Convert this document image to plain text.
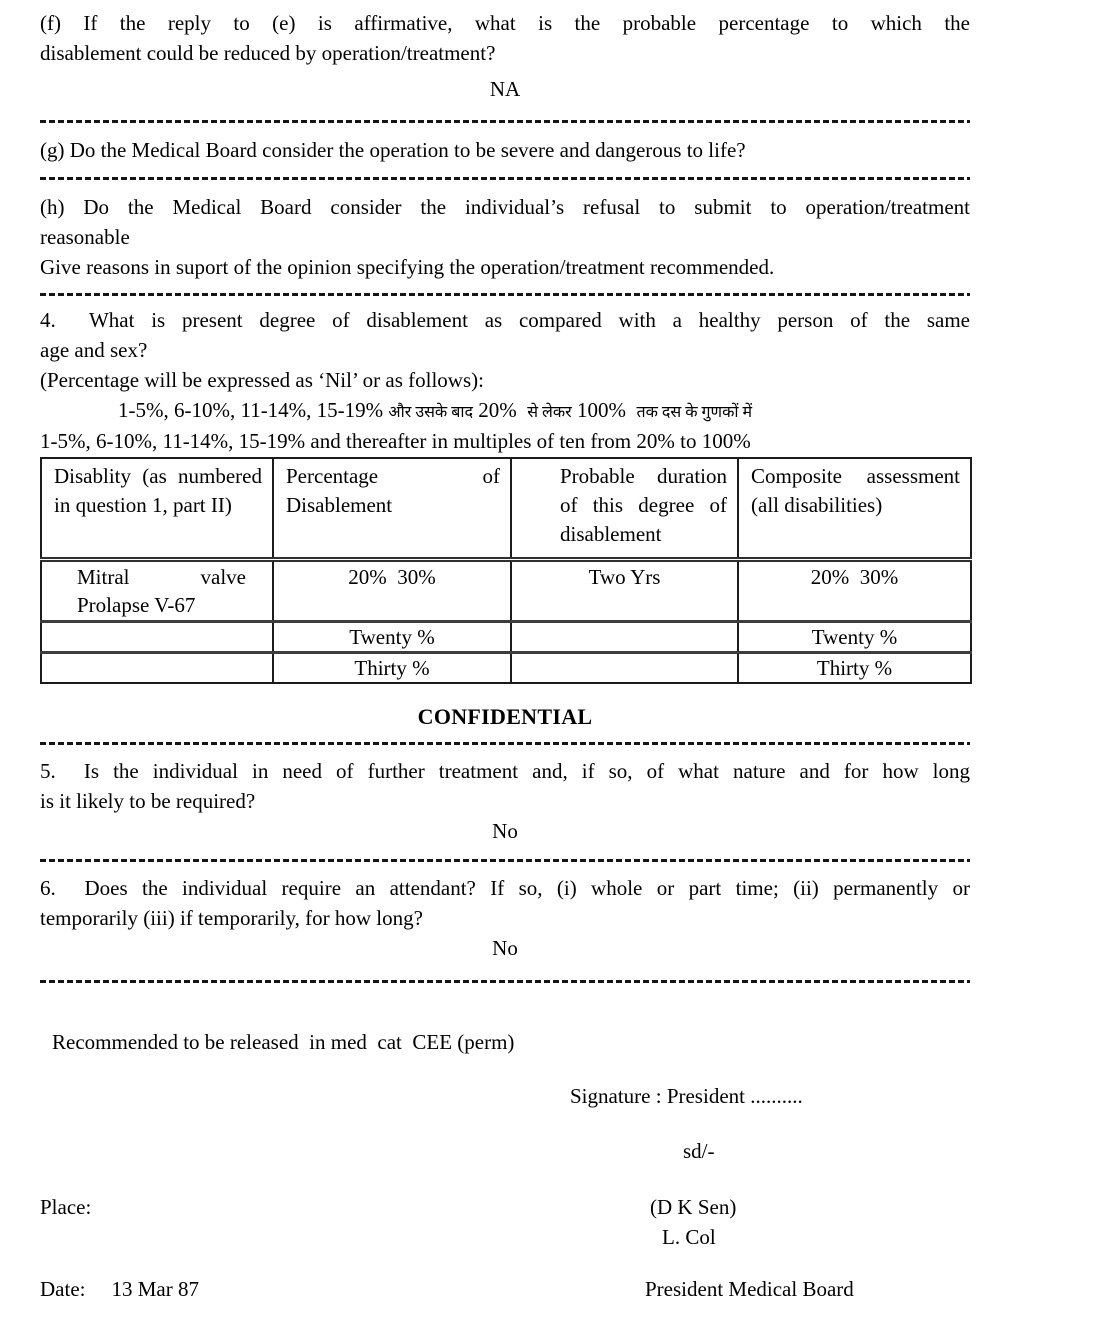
(f) If the reply to (e) is affirmative, what is the probable percentage to which the
disablement could be reduced by operation/treatment?

NA

(g) Do the Medical Board consider the operation to be severe and dangerous to life?

(h) Do the Medical Board consider the individual’s refusal to submit to operation/treatment
reasonable
Give reasons in suport of the opinion specifying the operation/treatment recommended.

4.  What is present degree of disablement as compared with a healthy person of the same
age and sex?
(Percentage will be expressed as ‘Nil’ or as follows):

1-5%, 6-10%, 11-14%, 15-19% और उसके बाद 20% से लेकर 100% तक दस के गुणकों में
1-5%, 6-10%, 11-14%, 15-19% and thereafter in multiples of ten from 20% to 100%
Disablity (as numbered in question 1, part II)	Percentage of Disablement	Probable duration of this degree of disablement	Composite assessment (all disabilities)
Mitral valve Prolapse V-67	20%  30%	Two Yrs	20%  30%
	Twenty %		Twenty %
	Thirty %		Thirty %
CONFIDENTIAL

5.  Is the individual in need of further treatment and, if so, of what nature and for how long
is it likely to be required?

No

6.  Does the individual require an attendant? If so, (i) whole or part time; (ii) permanently or
temporarily (iii) if temporarily, for how long?

No
Recommended to be released  in med  cat  CEE (perm)
Signature : President ..........
sd/-
Place:	(D K Sen)
L. Col
Date: 13 Mar 87	President Medical Board
